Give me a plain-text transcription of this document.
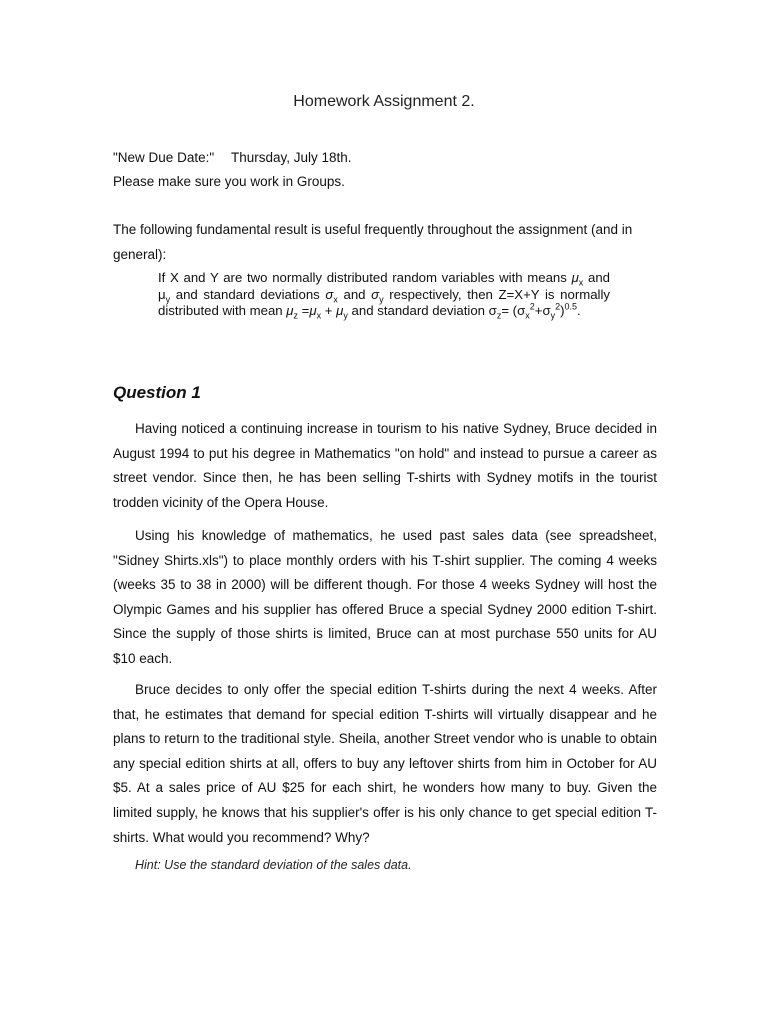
Homework Assignment 2.
"New Due Date:" Thursday, July 18th.
Please make sure you work in Groups.
The following fundamental result is useful frequently throughout the assignment (and in general):
If X and Y are two normally distributed random variables with means $\mu_x$ and $\mu_y$ and standard deviations $\sigma_x$ and $\sigma_y$ respectively, then Z=X+Y is normally distributed with mean $\mu_z =\mu_x + \mu_y$ and standard deviation $\sigma_z= (\sigma_x^2+\sigma_y^2)^{0.5}$.
Question 1

Having noticed a continuing increase in tourism to his native Sydney, Bruce decided in August 1994 to put his degree in Mathematics "on hold" and instead to pursue a career as street vendor. Since then, he has been selling T-shirts with Sydney motifs in the tourist trodden vicinity of the Opera House.

Using his knowledge of mathematics, he used past sales data (see spreadsheet, "Sidney Shirts.xls") to place monthly orders with his T-shirt supplier. The coming 4 weeks (weeks 35 to 38 in 2000) will be different though. For those 4 weeks Sydney will host the Olympic Games and his supplier has offered Bruce a special Sydney 2000 edition T-shirt. Since the supply of those shirts is limited, Bruce can at most purchase 550 units for AU $10 each.

Bruce decides to only offer the special edition T-shirts during the next 4 weeks. After that, he estimates that demand for special edition T-shirts will virtually disappear and he plans to return to the traditional style. Sheila, another Street vendor who is unable to obtain any special edition shirts at all, offers to buy any leftover shirts from him in October for AU $5. At a sales price of AU $25 for each shirt, he wonders how many to buy. Given the limited supply, he knows that his supplier's offer is his only chance to get special edition T-shirts. What would you recommend? Why?

Hint: Use the standard deviation of the sales data.
